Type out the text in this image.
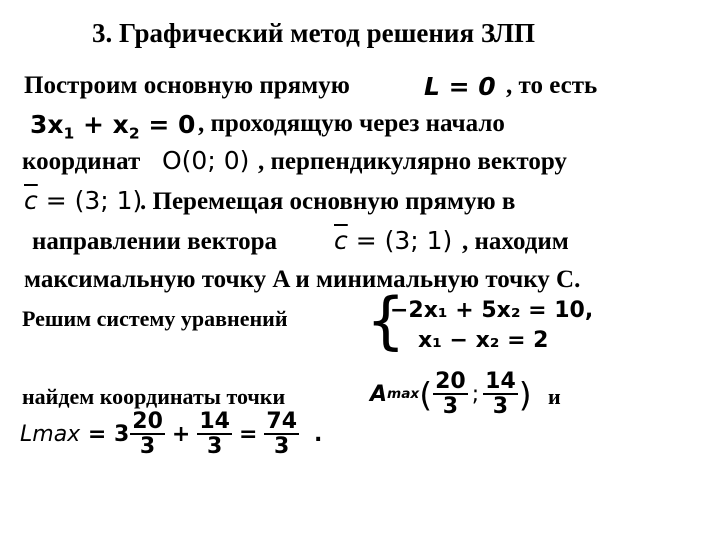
3. Графический метод решения ЗЛП
Построим основную прямую	L = 0 , то есть
$3x_1 + x_2 = 0$ , проходящую через начало
координат O(0; 0) , перпендикулярно вектору
$\overline{c} = (3$; 1)
. Перемещая основную прямую в
направлении вектора $\overline{c} = (3$; 1) , находим
максимальную точку A и минимальную точку C.
Решим систему уравнений {
−2x₁ + 5x₂ = 10,
x₁ − x₂ = 2
найдем координаты точки	A max ( $\frac{20}{3}$ ; $\frac{14}{3}$ ) и
$Lmax = 3 \frac{20}{3} + \frac{14}{3} = \frac{74}{3}$ .
